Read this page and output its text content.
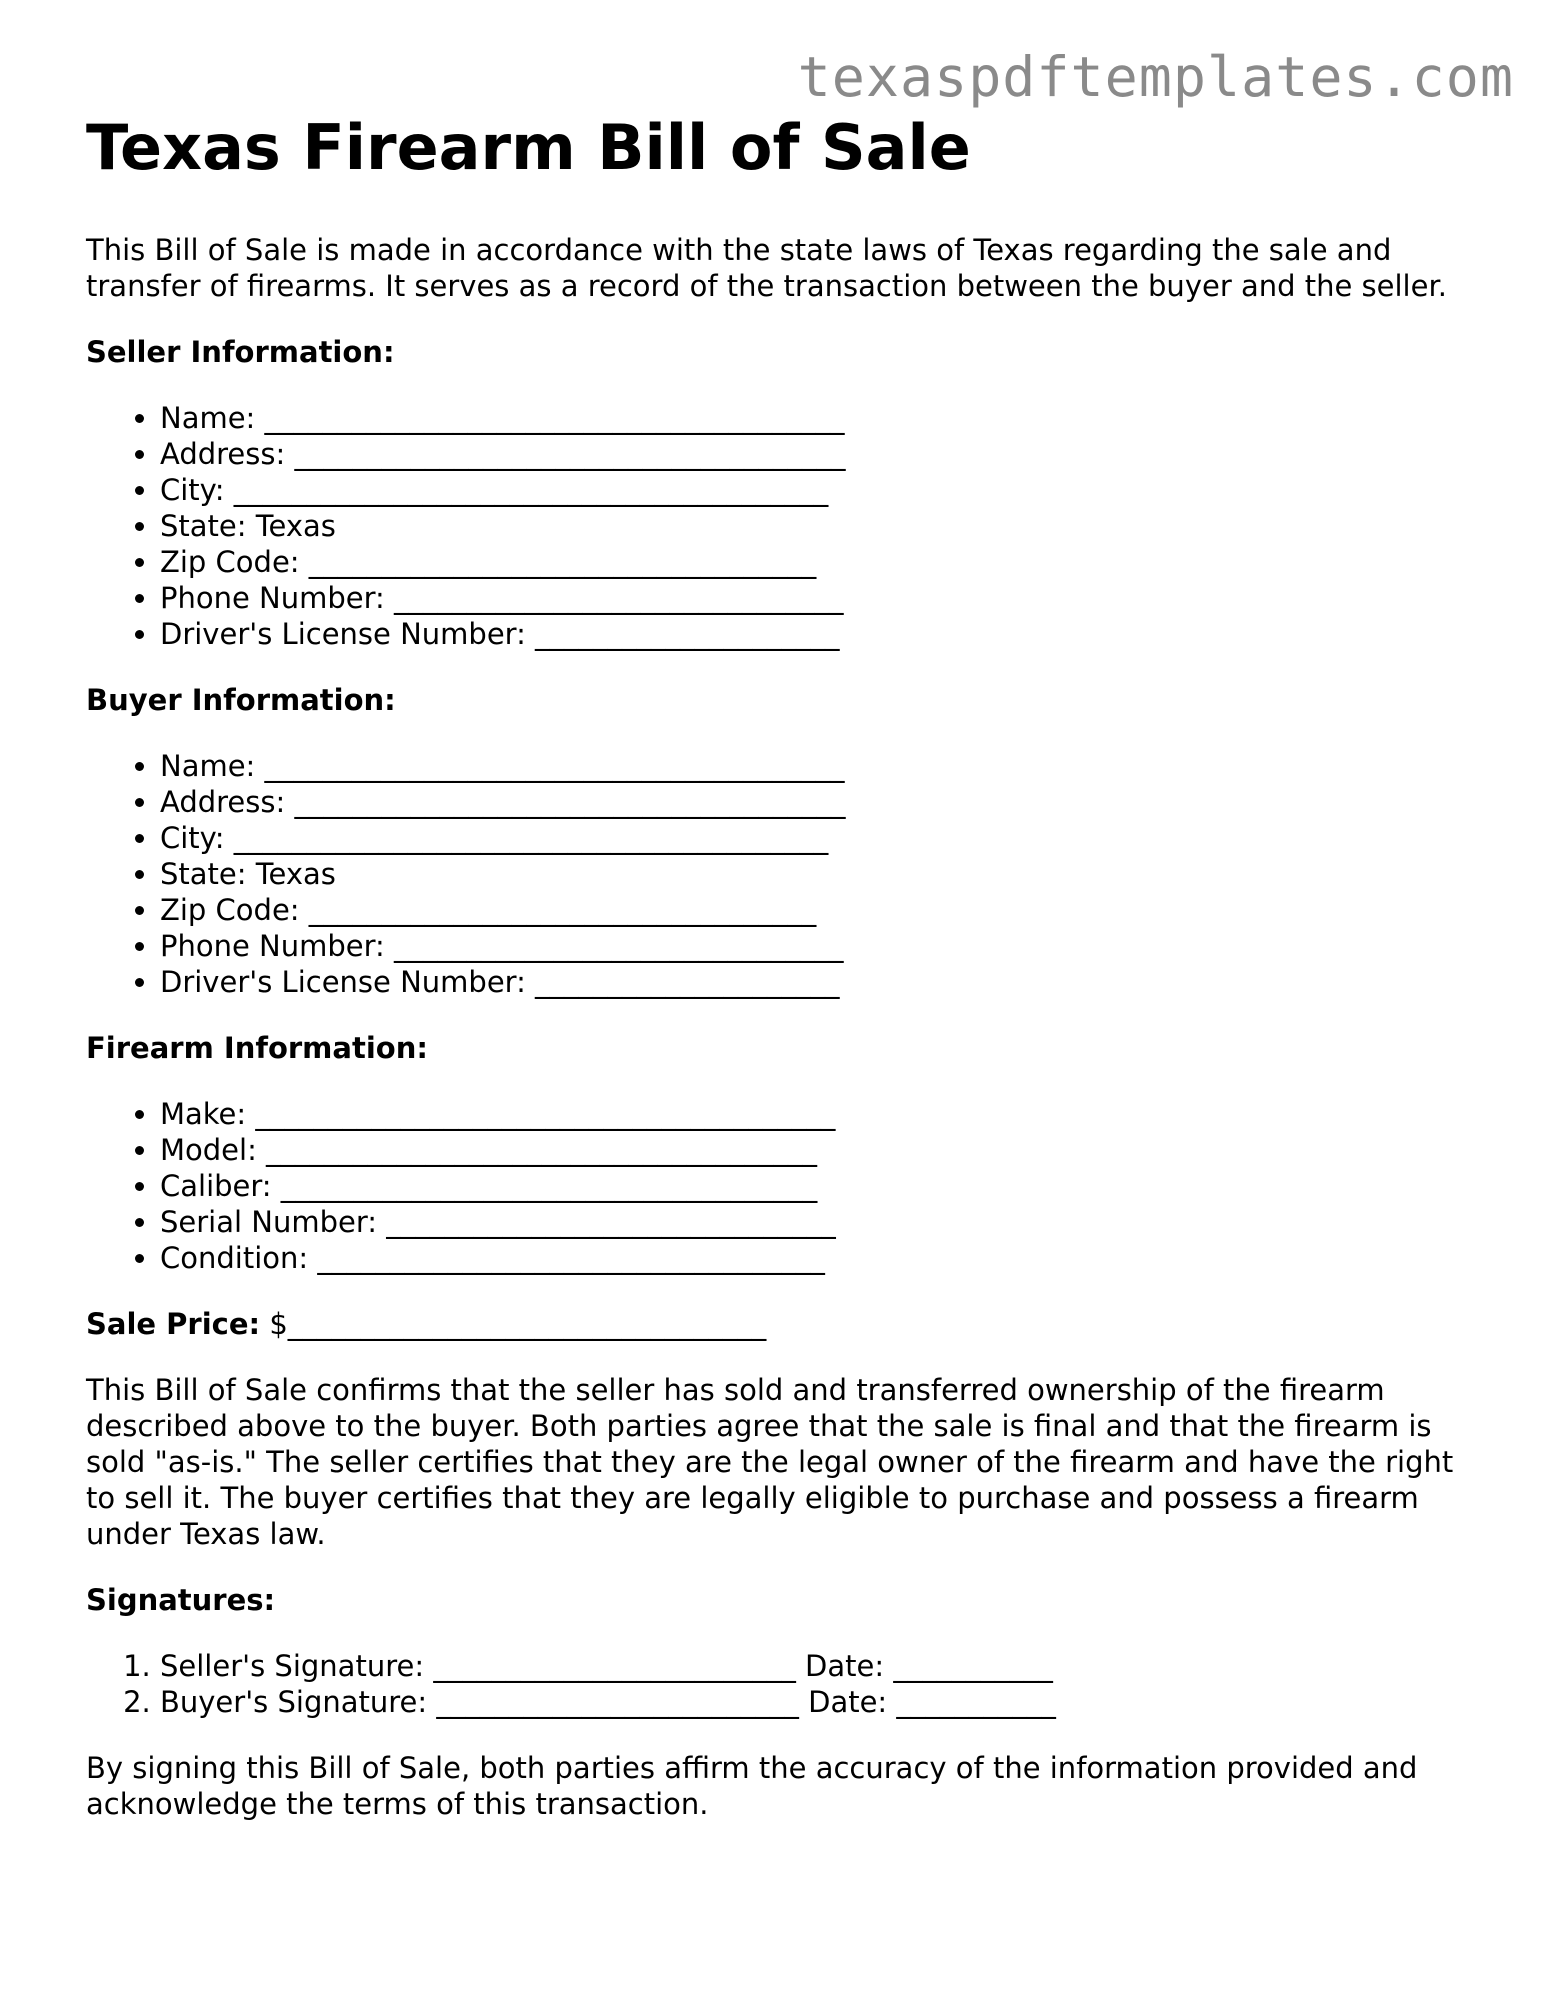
texaspdftemplates.com
Texas Firearm Bill of Sale

This Bill of Sale is made in accordance with the state laws of Texas regarding the sale and transfer of firearms. It serves as a record of the transaction between the buyer and the seller.

Seller Information:
• Name: ________________________________________
• Address: ______________________________________
• City: _________________________________________
• State: Texas
• Zip Code: ___________________________________
• Phone Number: _______________________________
• Driver's License Number: _____________________
Buyer Information:
• Name: ________________________________________
• Address: ______________________________________
• City: _________________________________________
• State: Texas
• Zip Code: ___________________________________
• Phone Number: _______________________________
• Driver's License Number: _____________________
Firearm Information:
• Make: ________________________________________
• Model: ______________________________________
• Caliber: _____________________________________
• Serial Number: _______________________________
• Condition: ___________________________________
Sale Price: $_________________________________

This Bill of Sale confirms that the seller has sold and transferred ownership of the firearm described above to the buyer. Both parties agree that the sale is final and that the firearm is sold "as-is." The seller certifies that they are the legal owner of the firearm and have the right to sell it. The buyer certifies that they are legally eligible to purchase and possess a firearm under Texas law.

Signatures:
1. Seller's Signature: _________________________ Date: ___________
2. Buyer's Signature: _________________________ Date: ___________

By signing this Bill of Sale, both parties affirm the accuracy of the information provided and acknowledge the terms of this transaction.
